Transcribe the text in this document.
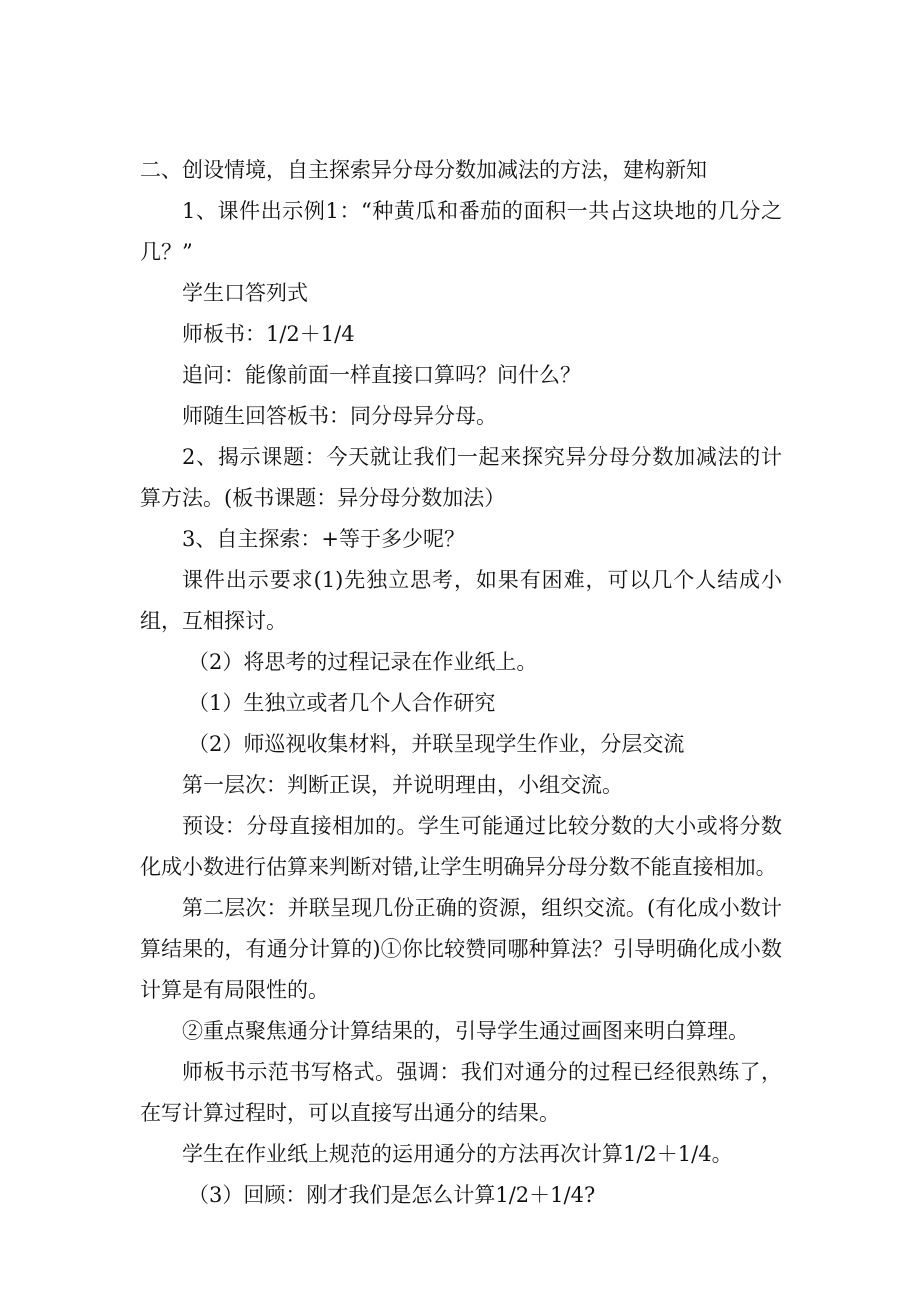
二、创设情境，自主探索异分母分数加减法的方法，建构新知

1、课件出示例1：“种黄瓜和番茄的面积一共占这块地的几分之几？”

学生口答列式

师板书：1/2＋1/4

追问：能像前面一样直接口算吗？问什么？

师随生回答板书：同分母异分母。

2、揭示课题：今天就让我们一起来探究异分母分数加减法的计算方法。(板书课题：异分母分数加法）

3、自主探索：+等于多少呢？

课件出示要求(1)先独立思考，如果有困难，可以几个人结成小组，互相探讨。

（2）将思考的过程记录在作业纸上。

（1）生独立或者几个人合作研究

（2）师巡视收集材料，并联呈现学生作业，分层交流

第一层次：判断正误，并说明理由，小组交流。

预设：分母直接相加的。学生可能通过比较分数的大小或将分数化成小数进行估算来判断对错,让学生明确异分母分数不能直接相加。

第二层次：并联呈现几份正确的资源，组织交流。(有化成小数计算结果的，有通分计算的)①你比较赞同哪种算法？引导明确化成小数计算是有局限性的。

②重点聚焦通分计算结果的，引导学生通过画图来明白算理。

师板书示范书写格式。强调：我们对通分的过程已经很熟练了，在写计算过程时，可以直接写出通分的结果。

学生在作业纸上规范的运用通分的方法再次计算1/2＋1/4。

（3）回顾：刚才我们是怎么计算1/2＋1/4?
